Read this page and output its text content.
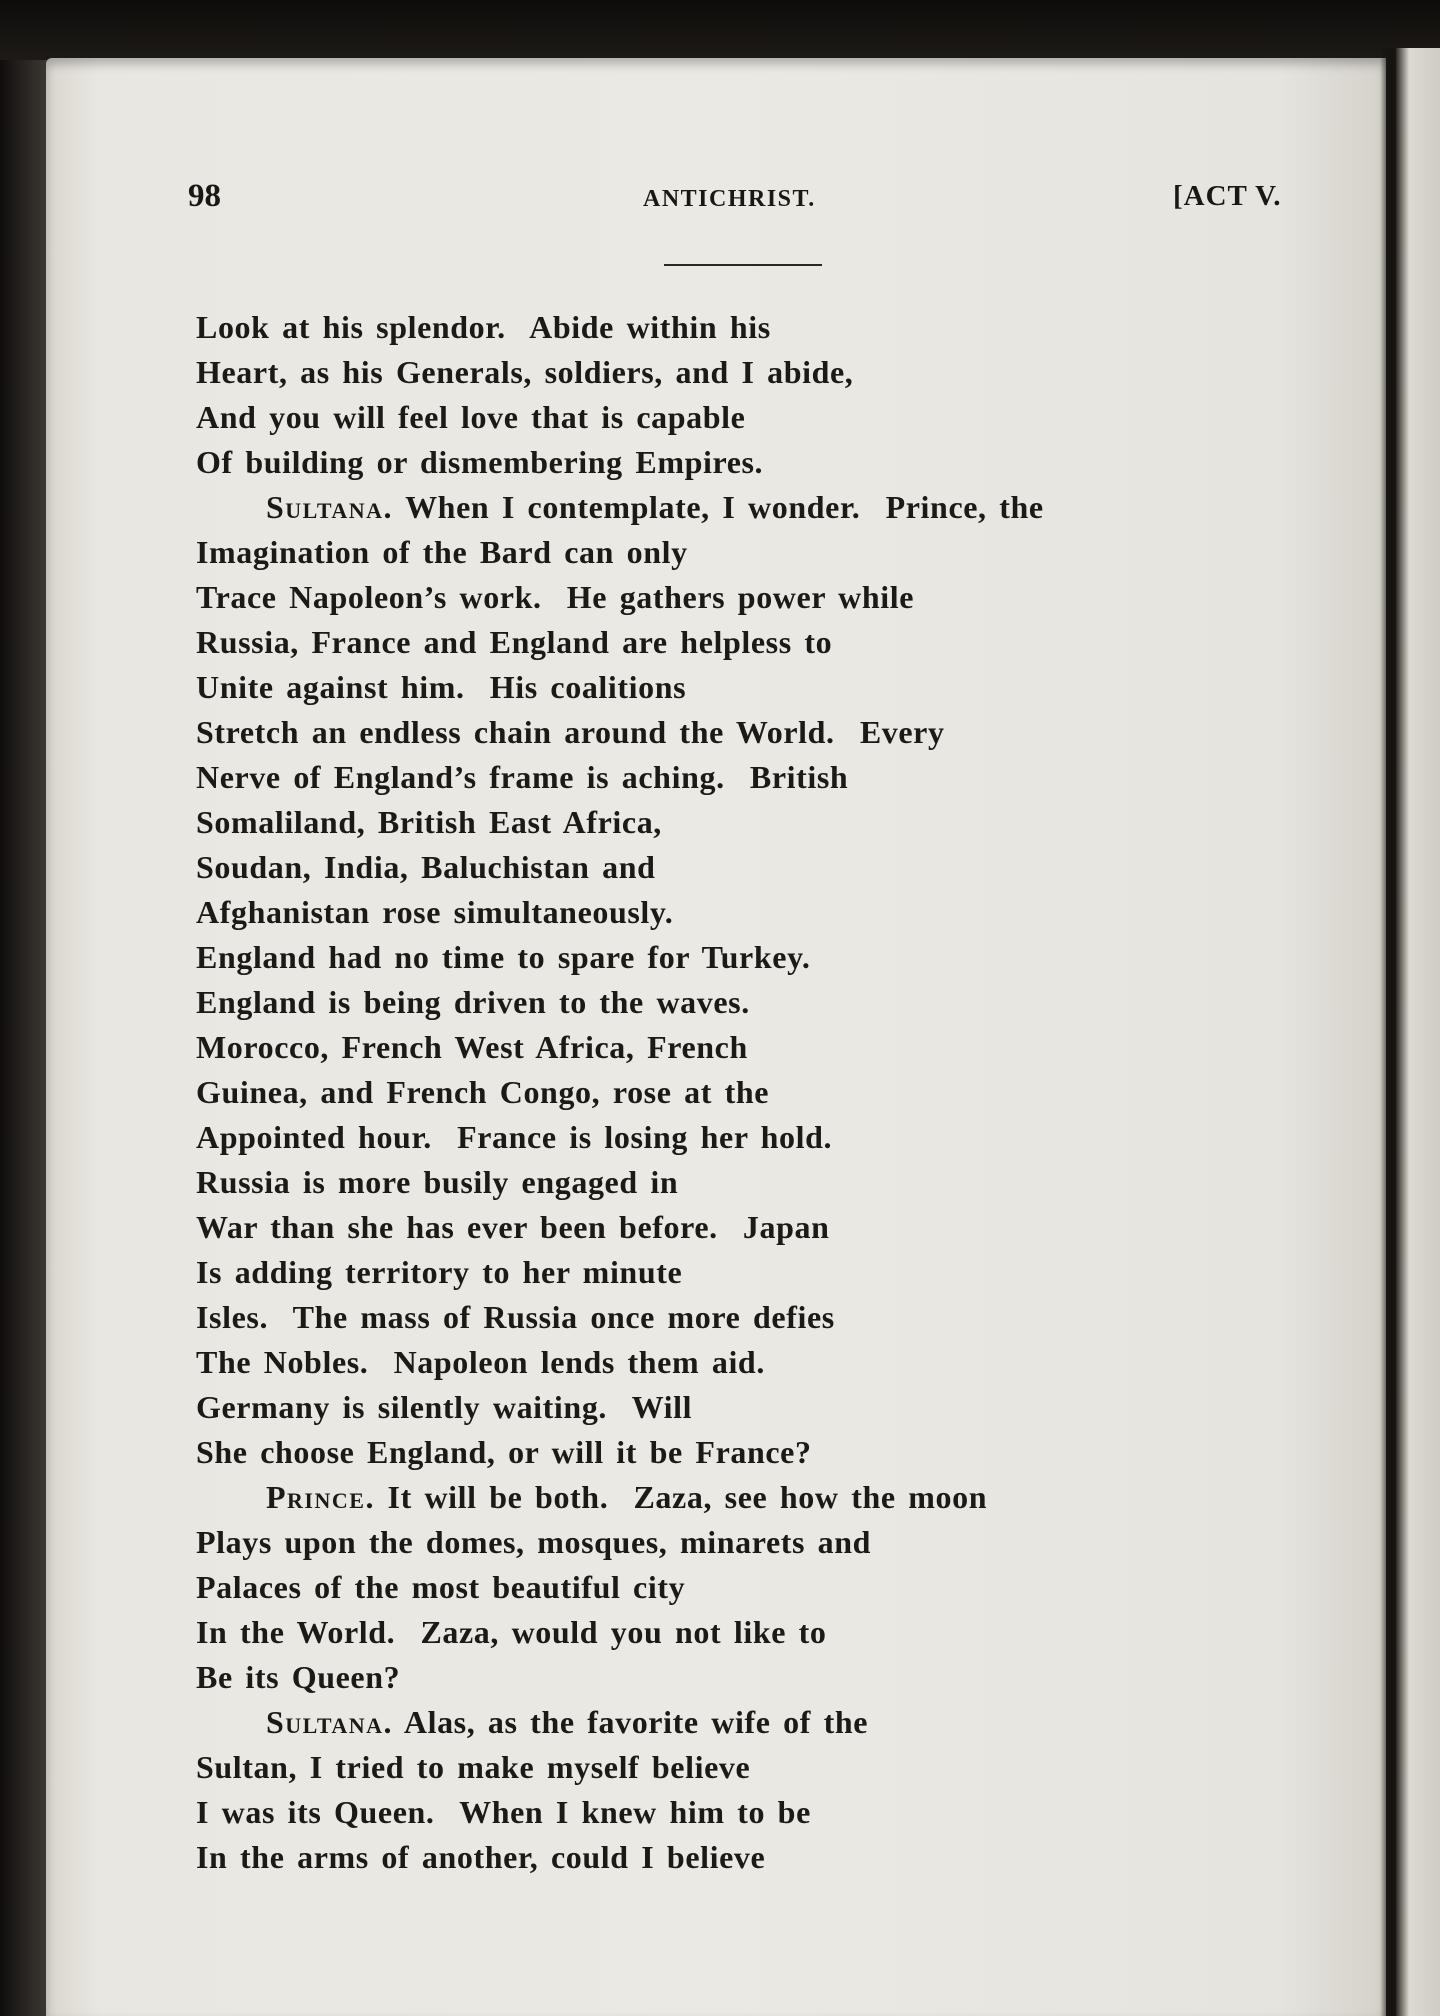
98	ANTICHRIST.	[ACT V.
Look at his splendor.  Abide within his
Heart, as his Generals, soldiers, and I abide,
And you will feel love that is capable
Of building or dismembering Empires.
Sultana. When I contemplate, I wonder.  Prince, the
Imagination of the Bard can only
Trace Napoleon’s work.  He gathers power while
Russia, France and England are helpless to
Unite against him.  His coalitions
Stretch an endless chain around the World.  Every
Nerve of England’s frame is aching.  British
Somaliland, British East Africa,
Soudan, India, Baluchistan and
Afghanistan rose simultaneously.
England had no time to spare for Turkey.
England is being driven to the waves.
Morocco, French West Africa, French
Guinea, and French Congo, rose at the
Appointed hour.  France is losing her hold.
Russia is more busily engaged in
War than she has ever been before.  Japan
Is adding territory to her minute
Isles.  The mass of Russia once more defies
The Nobles.  Napoleon lends them aid.
Germany is silently waiting.  Will
She choose England, or will it be France?
Prince. It will be both.  Zaza, see how the moon
Plays upon the domes, mosques, minarets and
Palaces of the most beautiful city
In the World.  Zaza, would you not like to
Be its Queen?
Sultana. Alas, as the favorite wife of the
Sultan, I tried to make myself believe
I was its Queen.  When I knew him to be
In the arms of another, could I believe
